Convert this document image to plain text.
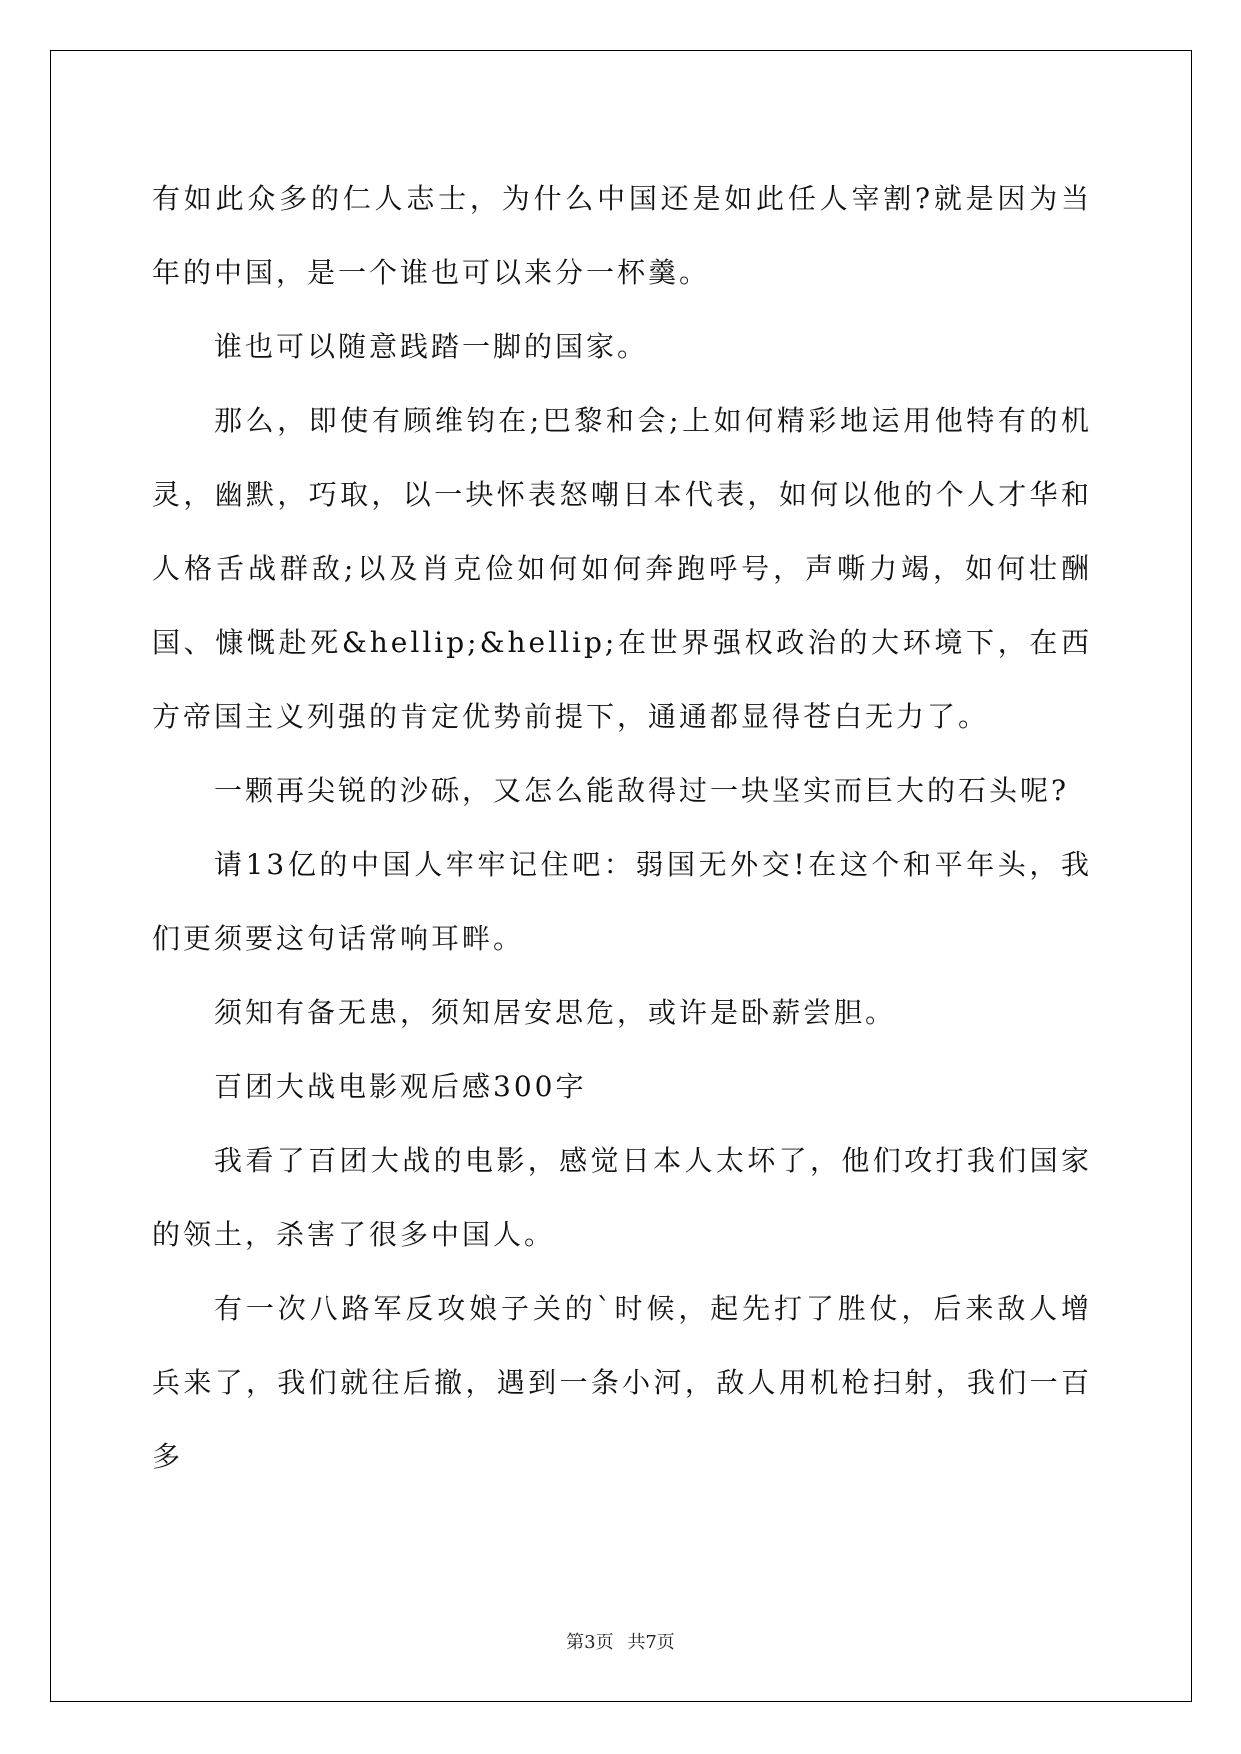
有如此众多的仁人志士，为什么中国还是如此任人宰割?就是因为当年的中国，是一个谁也可以来分一杯羹。

谁也可以随意践踏一脚的国家。

那么，即使有顾维钧在;巴黎和会;上如何精彩地运用他特有的机灵，幽默，巧取，以一块怀表怒嘲日本代表，如何以他的个人才华和人格舌战群敌;以及肖克俭如何如何奔跑呼号，声嘶力竭，如何壮酬国、慷慨赴死&hellip;&hellip;在世界强权政治的大环境下，在西方帝国主义列强的肯定优势前提下，通通都显得苍白无力了。

一颗再尖锐的沙砾，又怎么能敌得过一块坚实而巨大的石头呢?

请13亿的中国人牢牢记住吧：弱国无外交!在这个和平年头，我们更须要这句话常响耳畔。

须知有备无患，须知居安思危，或许是卧薪尝胆。

百团大战电影观后感300字

我看了百团大战的电影，感觉日本人太坏了，他们攻打我们国家的领土，杀害了很多中国人。

有一次八路军反攻娘子关的`时候，起先打了胜仗，后来敌人增兵来了，我们就往后撤，遇到一条小河，敌人用机枪扫射，我们一百多

第3页 共7页
